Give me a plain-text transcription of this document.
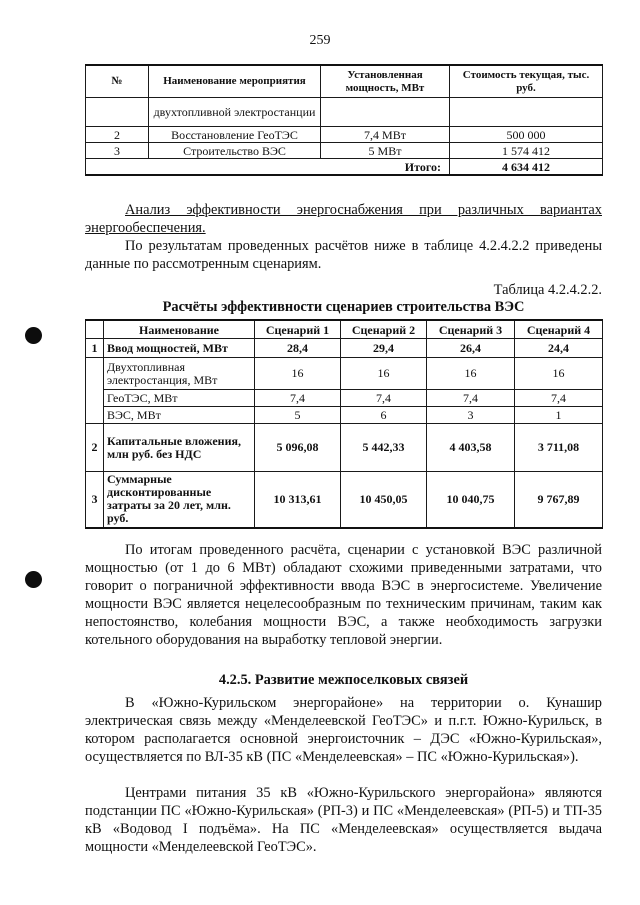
259
№	Наименование мероприятия	Установленная мощность, МВт	Стоимость текущая, тыс. руб.
	двухтопливной электростанции		
2	Восстановление ГеоТЭС	7,4 МВт	500 000
3	Строительство ВЭС	5 МВт	1 574 412
Итого:			4 634 412

Анализ эффективности энергоснабжения при различных вариантах энергообеспечения.

По результатам проведенных расчётов ниже в таблице 4.2.4.2.2 приведены данные по рассмотренным сценариям.

Таблица 4.2.4.2.2.

Расчёты эффективности сценариев строительства ВЭС

	Наименование	Сценарий 1	Сценарий 2	Сценарий 3	Сценарий 4
1	Ввод мощностей, МВт	28,4	29,4	26,4	24,4
	Двухтопливная электростанция, МВт	16	16	16	16
	ГеоТЭС, МВт	7,4	7,4	7,4	7,4
	ВЭС, МВт	5	6	3	1
2	Капитальные вложения, млн руб. без НДС	5 096,08	5 442,33	4 403,58	3 711,08
3	Суммарные дисконтированные затраты за 20 лет, млн. руб.	10 313,61	10 450,05	10 040,75	9 767,89

По итогам проведенного расчёта, сценарии с установкой ВЭС различной мощностью (от 1 до 6 МВт) обладают схожими приведенными затратами, что говорит о пограничной эффективности ввода ВЭС в энергосистеме. Увеличение мощности ВЭС является нецелесообразным по техническим причинам, таким как непостоянство, колебания мощности ВЭС, а также необходимость загрузки котельного оборудования на выработку тепловой энергии.

4.2.5. Развитие межпоселковых связей

В «Южно-Курильском энергорайоне» на территории о. Кунашир электрическая связь между «Менделеевской ГеоТЭС» и п.г.т. Южно-Курильск, в котором располагается основной энергоисточник – ДЭС «Южно-Курильская», осуществляется по ВЛ-35 кВ (ПС «Менделеевская» – ПС «Южно-Курильская»).

Центрами питания 35 кВ «Южно-Курильского энергорайона» являются подстанции ПС «Южно-Курильская» (РП-3) и ПС «Менделеевская» (РП-5) и ТП-35 кВ «Водовод I подъёма». На ПС «Менделеевская» осуществляется выдача мощности «Менделеевской ГеоТЭС».
